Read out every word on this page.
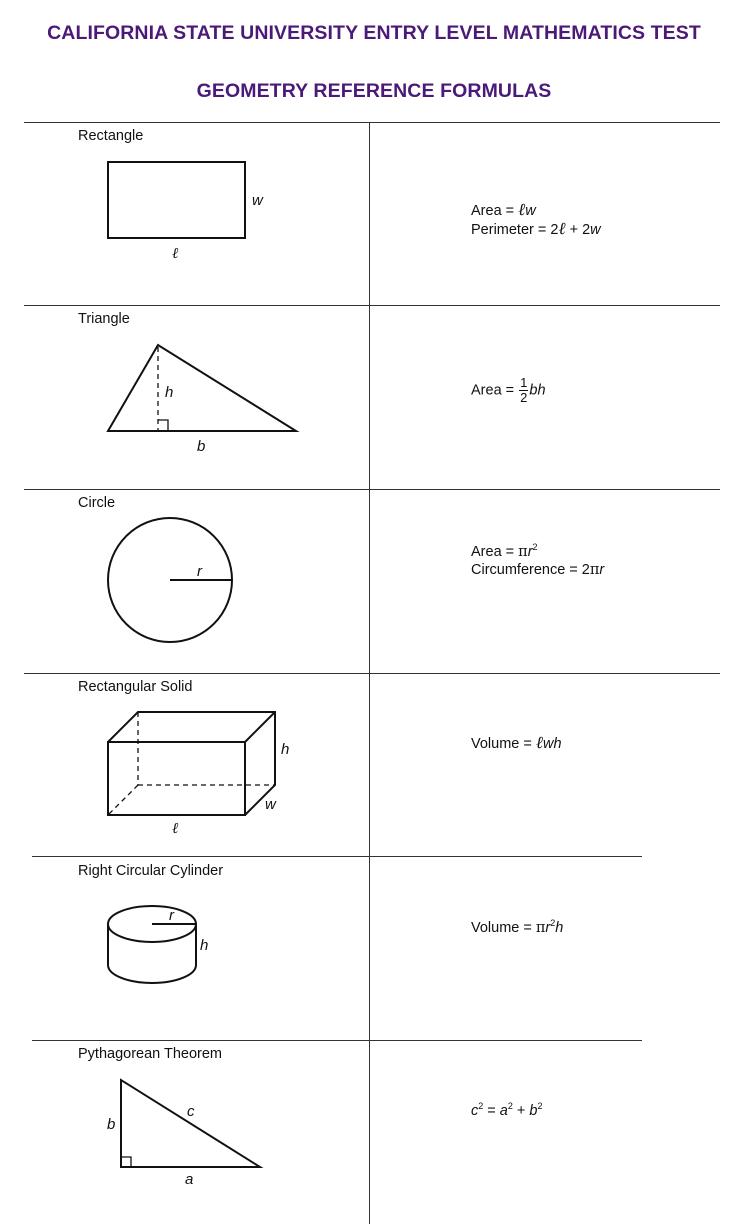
CALIFORNIA STATE UNIVERSITY ENTRY LEVEL MATHEMATICS TEST
GEOMETRY REFERENCE FORMULAS
w
ℓ
h
b
r
h
w
ℓ
r
h
b
c
a
Rectangle
Triangle
Circle
Rectangular Solid
Right Circular Cylinder
Pythagorean Theorem
Area = ℓw
Perimeter = 2ℓ + 2w
Area = $\frac{1}{2}$ bh
Area = $\pi r^2$
Circumference = 2πr
Volume = ℓwh
Volume = $\pi r^2h$
$c^2 = a^2 + b^2$
